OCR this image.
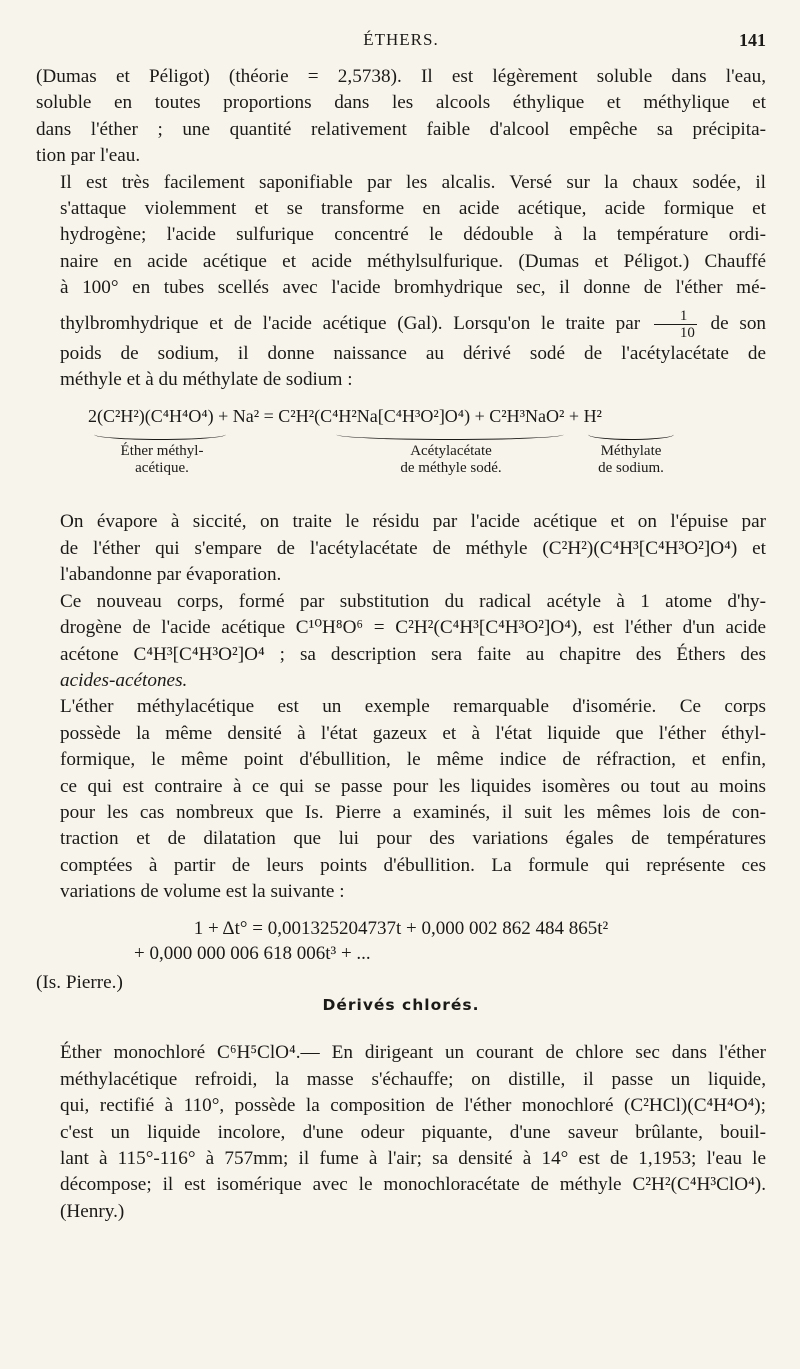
ÉTHERS.	141

(Dumas et Péligot) (théorie = 2,5738). Il est légèrement soluble dans l'eau,
soluble en toutes proportions dans les alcools éthylique et méthylique et
dans l'éther ; une quantité relativement faible d'alcool empêche sa précipita-
tion par l'eau.

Il est très facilement saponifiable par les alcalis. Versé sur la chaux sodée, il
s'attaque violemment et se transforme en acide acétique, acide formique et
hydrogène; l'acide sulfurique concentré le dédouble à la température ordi-
naire en acide acétique et acide méthylsulfurique. (Dumas et Péligot.) Chauffé
à 100° en tubes scellés avec l'acide bromhydrique sec, il donne de l'éther mé-
thylbromhydrique et de l'acide acétique (Gal). Lorsqu'on le traite par $\frac{1}{10}$ de son
poids de sodium, il donne naissance au dérivé sodé de l'acétylacétate de
méthyle et à du méthylate de sodium :

2(C²H²)(C⁴H⁴O⁴) + Na² = C²H²(C⁴H²Na[C⁴H³O²]O⁴) + C²H³NaO² + H²
Éther méthyl-
acétique.
Acétylacétate
de méthyle sodé.
Méthylate
de sodium.

On évapore à siccité, on traite le résidu par l'acide acétique et on l'épuise par
de l'éther qui s'empare de l'acétylacétate de méthyle (C²H²)(C⁴H³[C⁴H³O²]O⁴) et
l'abandonne par évaporation.

Ce nouveau corps, formé par substitution du radical acétyle à 1 atome d'hy-
drogène de l'acide acétique C¹⁰H⁸O⁶ = C²H²(C⁴H³[C⁴H³O²]O⁴), est l'éther d'un acide
acétone C⁴H³[C⁴H³O²]O⁴ ; sa description sera faite au chapitre des Éthers des
acides-acétones.

L'éther méthylacétique est un exemple remarquable d'isomérie. Ce corps
possède la même densité à l'état gazeux et à l'état liquide que l'éther éthyl-
formique, le même point d'ébullition, le même indice de réfraction, et enfin,
ce qui est contraire à ce qui se passe pour les liquides isomères ou tout au moins
pour les cas nombreux que Is. Pierre a examinés, il suit les mêmes lois de con-
traction et de dilatation que lui pour des variations égales de températures
comptées à partir de leurs points d'ébullition. La formule qui représente ces
variations de volume est la suivante :

1 + Δt° = 0,001325204737t + 0,000 002 862 484 865t²
+ 0,000 000 006 618 006t³ + ...
(Is. Pierre.)
Dérivés chlorés.

Éther monochloré C⁶H⁵ClO⁴.— En dirigeant un courant de chlore sec dans l'éther
méthylacétique refroidi, la masse s'échauffe; on distille, il passe un liquide,
qui, rectifié à 110°, possède la composition de l'éther monochloré (C²HCl)(C⁴H⁴O⁴);
c'est un liquide incolore, d'une odeur piquante, d'une saveur brûlante, bouil-
lant à 115°-116° à 757mm; il fume à l'air; sa densité à 14° est de 1,1953; l'eau le
décompose; il est isomérique avec le monochloracétate de méthyle C²H²(C⁴H³ClO⁴).
(Henry.)
